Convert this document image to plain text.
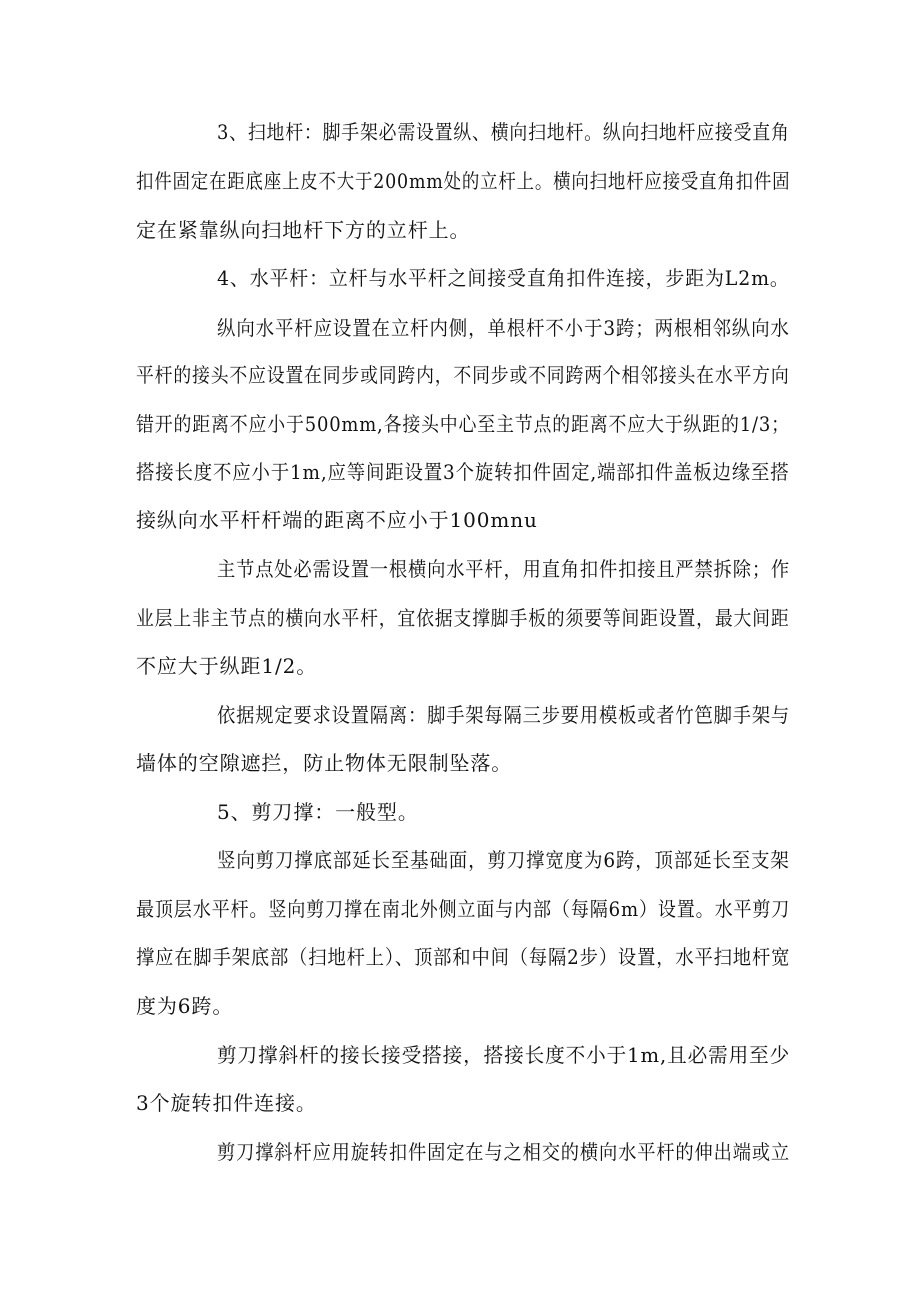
3、扫地杆：脚手架必需设置纵、横向扫地杆。纵向扫地杆应接受直角
扣件固定在距底座上皮不大于200mm处的立杆上。横向扫地杆应接受直角扣件固
定在紧靠纵向扫地杆下方的立杆上。
4、水平杆：立杆与水平杆之间接受直角扣件连接，步距为L2m。
纵向水平杆应设置在立杆内侧，单根杆不小于3跨；两根相邻纵向水
平杆的接头不应设置在同步或同跨内，不同步或不同跨两个相邻接头在水平方向
错开的距离不应小于500mm,各接头中心至主节点的距离不应大于纵距的1/3；
搭接长度不应小于1m,应等间距设置3个旋转扣件固定,端部扣件盖板边缘至搭
接纵向水平杆杆端的距离不应小于100mnu
主节点处必需设置一根横向水平杆，用直角扣件扣接且严禁拆除；作
业层上非主节点的横向水平杆，宜依据支撑脚手板的须要等间距设置，最大间距
不应大于纵距1/2。
依据规定要求设置隔离：脚手架每隔三步要用模板或者竹笆脚手架与
墙体的空隙遮拦，防止物体无限制坠落。
5、剪刀撑：一般型。
竖向剪刀撑底部延长至基础面，剪刀撑宽度为6跨，顶部延长至支架
最顶层水平杆。竖向剪刀撑在南北外侧立面与内部（每隔6m）设置。水平剪刀
撑应在脚手架底部（扫地杆上）、顶部和中间（每隔2步）设置，水平扫地杆宽
度为6跨。
剪刀撑斜杆的接长接受搭接，搭接长度不小于1m,且必需用至少
3个旋转扣件连接。
剪刀撑斜杆应用旋转扣件固定在与之相交的横向水平杆的伸出端或立
